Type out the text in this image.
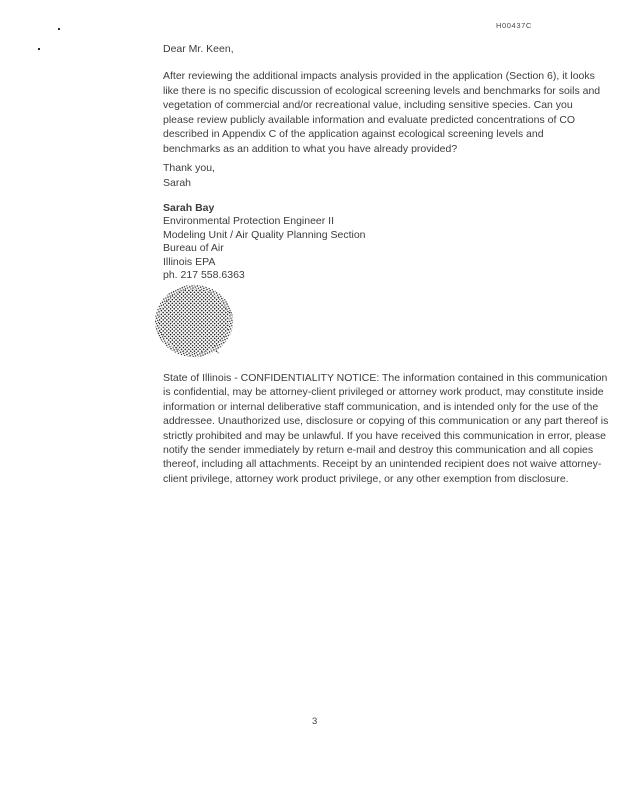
H00437C
Dear Mr. Keen,
After reviewing the additional impacts analysis provided in the application (Section 6), it looks like there is no specific discussion of ecological screening levels and benchmarks for soils and vegetation of commercial and/or recreational value, including sensitive species. Can you please review publicly available information and evaluate predicted concentrations of CO described in Appendix C of the application against ecological screening levels and benchmarks as an addition to what you have already provided?
Thank you,
Sarah
Sarah Bay
Environmental Protection Engineer II
Modeling Unit / Air Quality Planning Section
Bureau of Air
Illinois EPA
ph. 217 558.6363
State of Illinois - CONFIDENTIALITY NOTICE: The information contained in this communication is confidential, may be attorney-client privileged or attorney work product, may constitute inside information or internal deliberative staff communication, and is intended only for the use of the addressee. Unauthorized use, disclosure or copying of this communication or any part thereof is strictly prohibited and may be unlawful. If you have received this communication in error, please notify the sender immediately by return e-mail and destroy this communication and all copies thereof, including all attachments. Receipt by an unintended recipient does not waive attorney-client privilege, attorney work product privilege, or any other exemption from disclosure.
3
